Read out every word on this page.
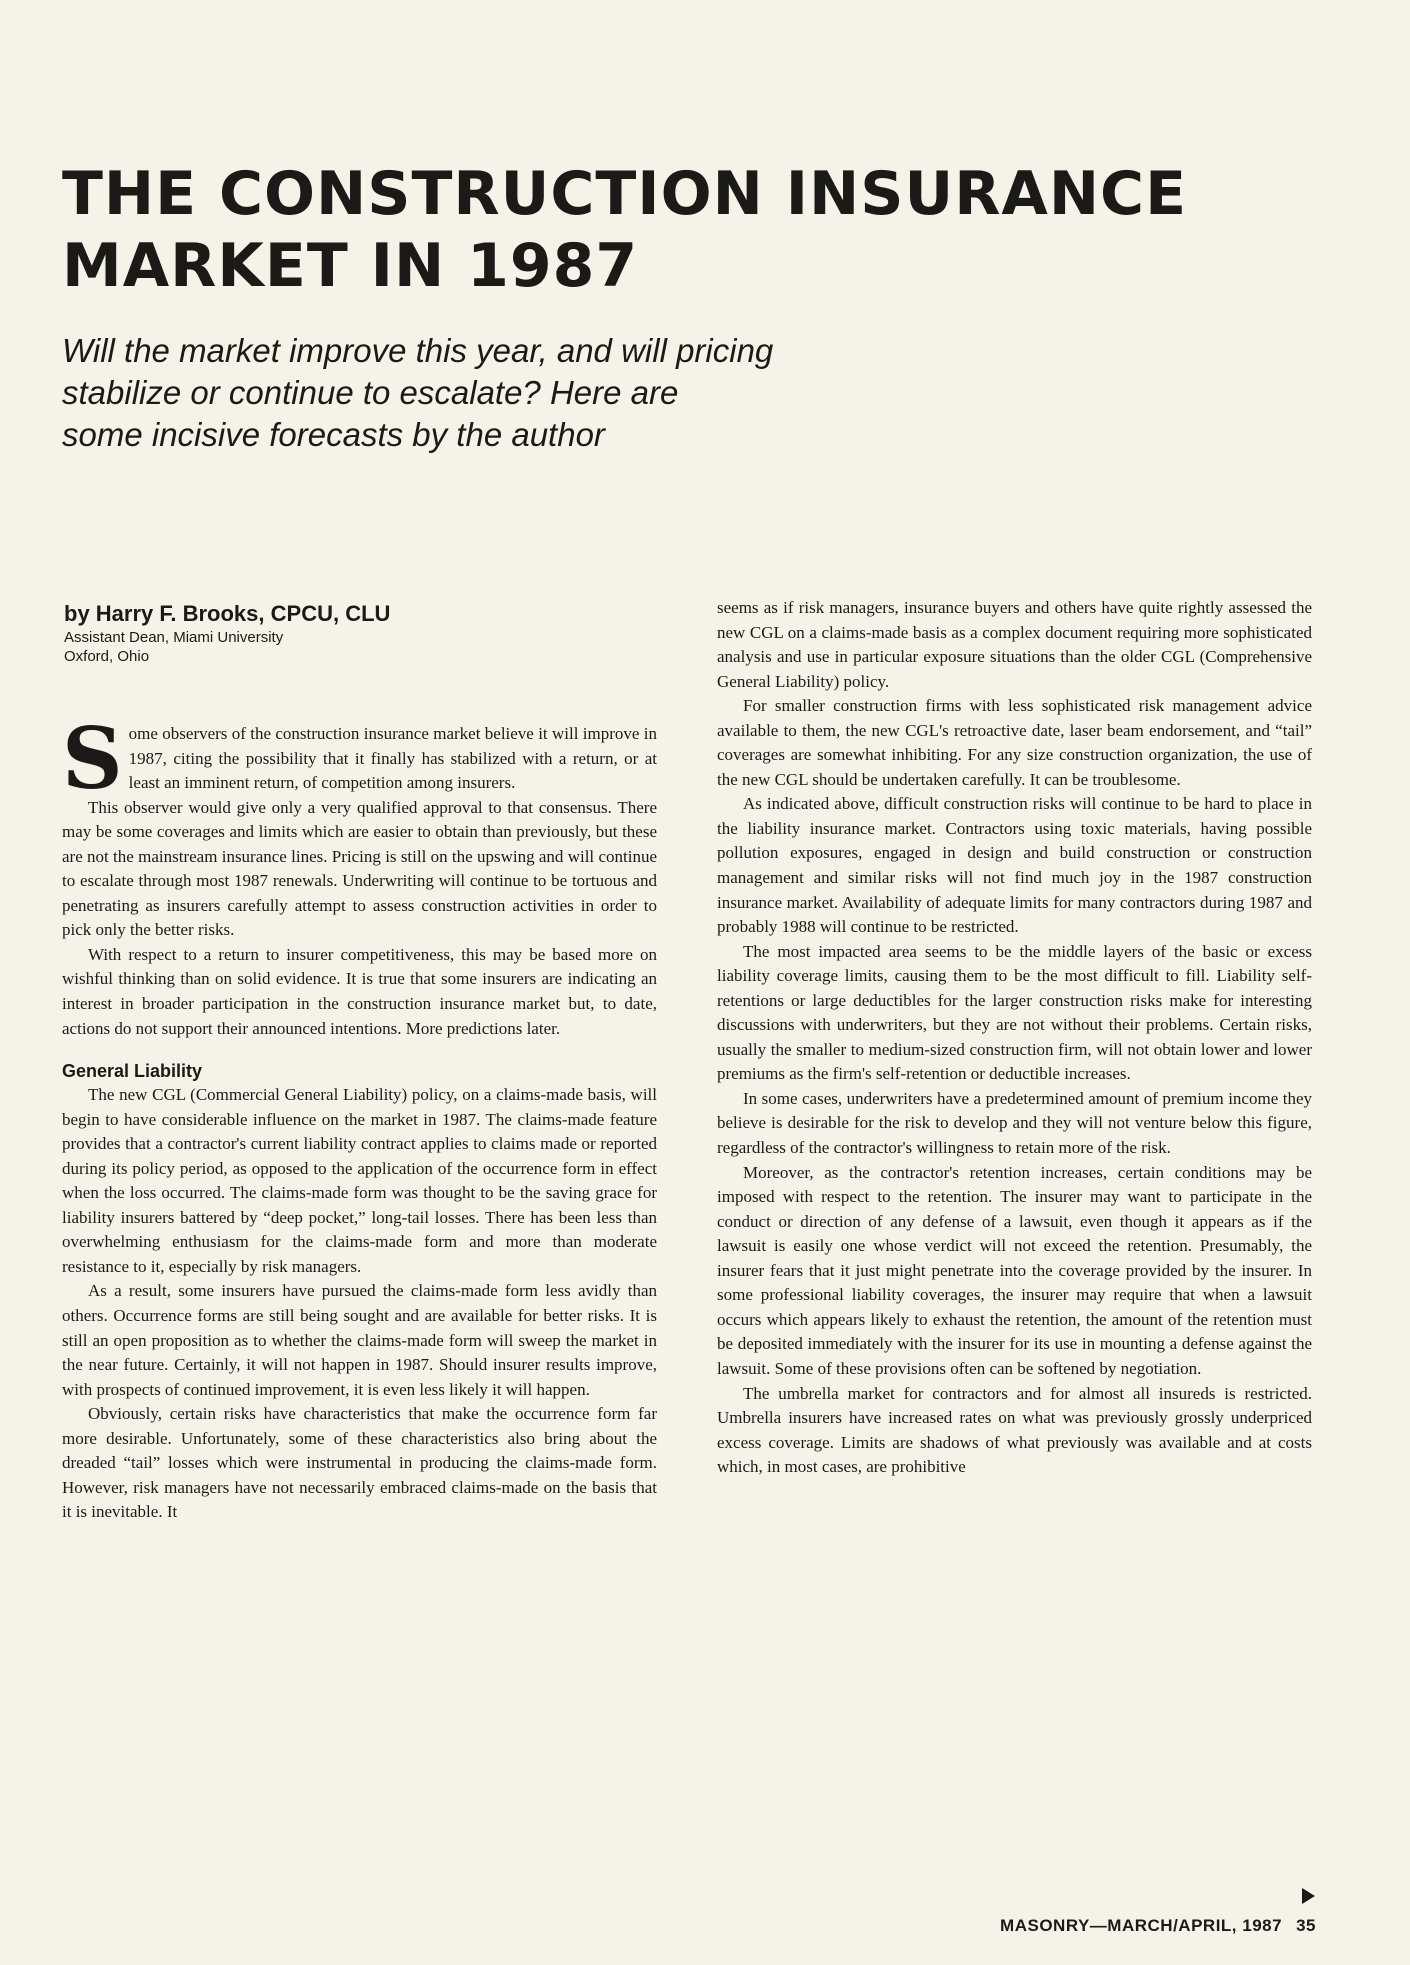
THE CONSTRUCTION INSURANCE
MARKET IN 1987
Will the market improve this year, and will pricing
stabilize or continue to escalate? Here are
some incisive forecasts by the author
by Harry F. Brooks, CPCU, CLU
Assistant Dean, Miami University
Oxford, Ohio

Some observers of the construction insurance market believe it will improve in 1987, citing the possibility that it finally has stabilized with a return, or at least an imminent return, of competition among insurers.

This observer would give only a very qualified approval to that consensus. There may be some coverages and limits which are easier to obtain than previously, but these are not the mainstream insurance lines. Pricing is still on the upswing and will continue to escalate through most 1987 renewals. Underwriting will continue to be tortuous and penetrating as insurers carefully attempt to assess construction activities in order to pick only the better risks.

With respect to a return to insurer competitiveness, this may be based more on wishful thinking than on solid evidence. It is true that some insurers are indicating an interest in broader participation in the construction insurance market but, to date, actions do not support their announced intentions. More predictions later.

General Liability

The new CGL (Commercial General Liability) policy, on a claims-made basis, will begin to have considerable influence on the market in 1987. The claims-made feature provides that a contractor's current liability contract applies to claims made or reported during its policy period, as opposed to the application of the occurrence form in effect when the loss occurred. The claims-made form was thought to be the saving grace for liability insurers battered by “deep pocket,” long-tail losses. There has been less than overwhelming enthusiasm for the claims-made form and more than moderate resistance to it, especially by risk managers.

As a result, some insurers have pursued the claims-made form less avidly than others. Occurrence forms are still being sought and are available for better risks. It is still an open proposition as to whether the claims-made form will sweep the market in the near future. Certainly, it will not happen in 1987. Should insurer results improve, with prospects of continued improvement, it is even less likely it will happen.

Obviously, certain risks have characteristics that make the occurrence form far more desirable. Unfortunately, some of these characteristics also bring about the dreaded “tail” losses which were instrumental in producing the claims-made form. However, risk managers have not necessarily embraced claims-made on the basis that it is inevitable. It

seems as if risk managers, insurance buyers and others have quite rightly assessed the new CGL on a claims-made basis as a complex document requiring more sophisticated analysis and use in particular exposure situations than the older CGL (Comprehensive General Liability) policy.

For smaller construction firms with less sophisticated risk management advice available to them, the new CGL's retroactive date, laser beam endorsement, and “tail” coverages are somewhat inhibiting. For any size construction organization, the use of the new CGL should be undertaken carefully. It can be troublesome.

As indicated above, difficult construction risks will continue to be hard to place in the liability insurance market. Contractors using toxic materials, having possible pollution exposures, engaged in design and build construction or construction management and similar risks will not find much joy in the 1987 construction insurance market. Availability of adequate limits for many contractors during 1987 and probably 1988 will continue to be restricted.

The most impacted area seems to be the middle layers of the basic or excess liability coverage limits, causing them to be the most difficult to fill. Liability self-retentions or large deductibles for the larger construction risks make for interesting discussions with underwriters, but they are not without their problems. Certain risks, usually the smaller to medium-sized construction firm, will not obtain lower and lower premiums as the firm's self-retention or deductible increases.

In some cases, underwriters have a predetermined amount of premium income they believe is desirable for the risk to develop and they will not venture below this figure, regardless of the contractor's willingness to retain more of the risk.

Moreover, as the contractor's retention increases, certain conditions may be imposed with respect to the retention. The insurer may want to participate in the conduct or direction of any defense of a lawsuit, even though it appears as if the lawsuit is easily one whose verdict will not exceed the retention. Presumably, the insurer fears that it just might penetrate into the coverage provided by the insurer. In some professional liability coverages, the insurer may require that when a lawsuit occurs which appears likely to exhaust the retention, the amount of the retention must be deposited immediately with the insurer for its use in mounting a defense against the lawsuit. Some of these provisions often can be softened by negotiation.

The umbrella market for contractors and for almost all insureds is restricted. Umbrella insurers have increased rates on what was previously grossly underpriced excess coverage. Limits are shadows of what previously was available and at costs which, in most cases, are prohibitive

MASONRY—MARCH/APRIL, 1987 35
